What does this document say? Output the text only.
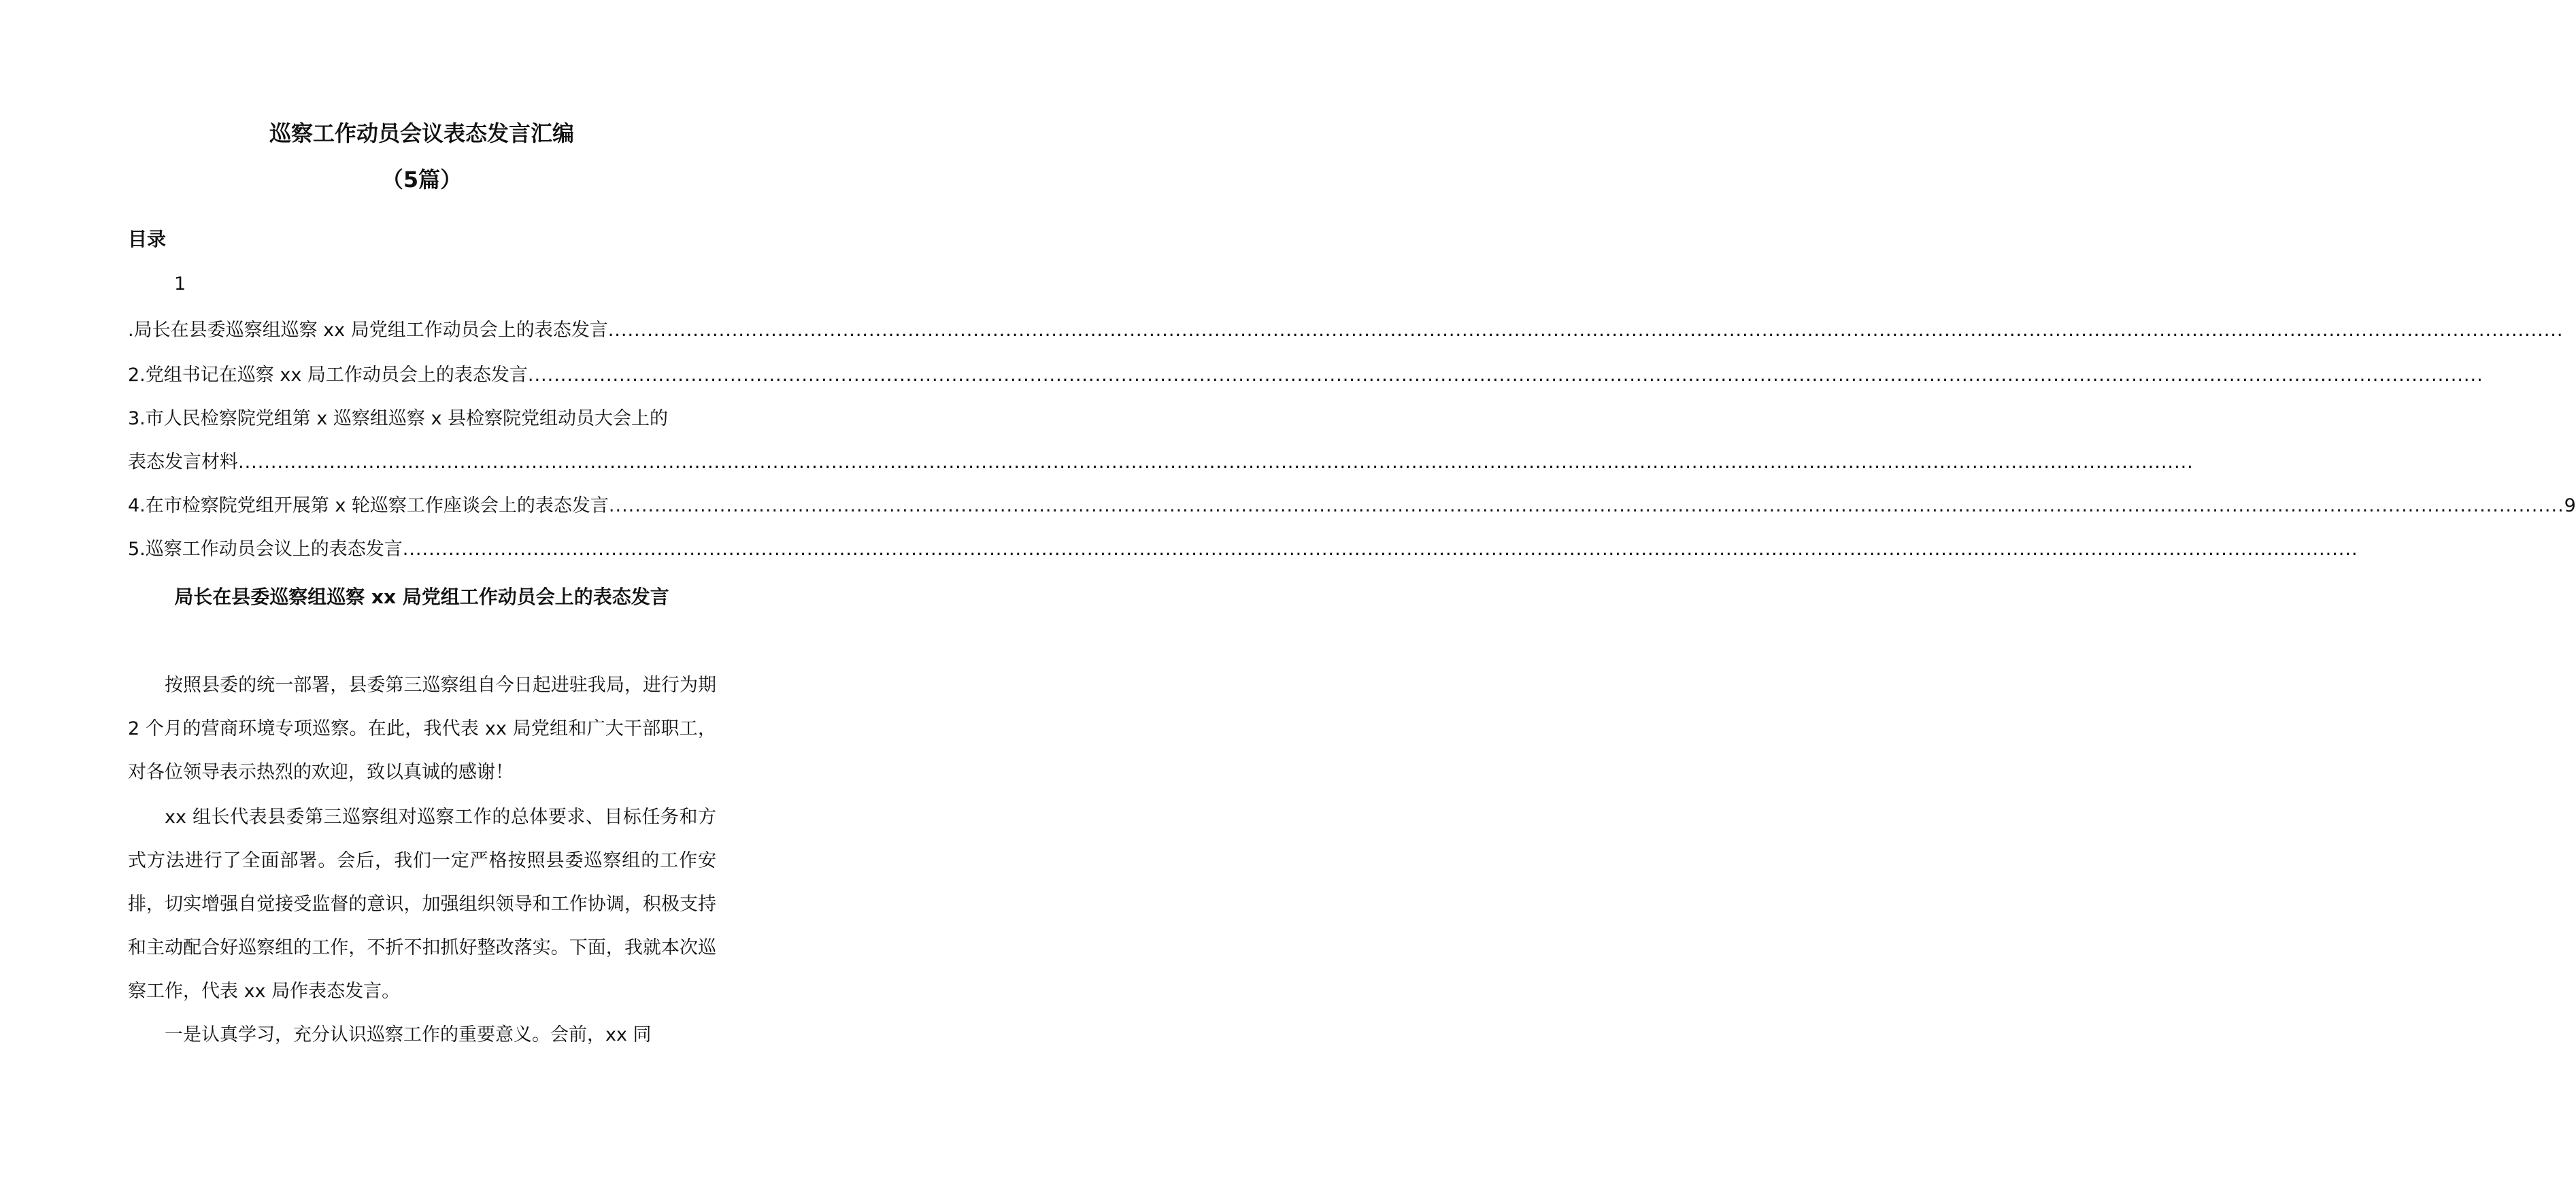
巡察工作动员会议表态发言汇编
（5篇）
目录
1
.局长在县委巡察组巡察 xx 局党组工作动员会上的表态发言 ............................................................................................................................................................................................................................................................................................................
2.党组书记在巡察 xx 局工作动员会上的表态发言 ............................................................................................................................................................................................................................................................................................................
3.市人民检察院党组第 x 巡察组巡察 x 县检察院党组动员大会上的
表态发言材料 ............................................................................................................................................................................................................................................................................................................
4.在市检察院党组开展第 x 轮巡察工作座谈会上的表态发言 ............................................................................................................................................................................................................................................................................................................ 9
5.巡察工作动员会议上的表态发言 ............................................................................................................................................................................................................................................................................................................
局长在县委巡察组巡察 xx 局党组工作动员会上的表态发言

按照县委的统一部署，县委第三巡察组自今日起进驻我局，进行为期 2 个月的营商环境专项巡察。在此，我代表 xx 局党组和广大干部职工，对各位领导表示热烈的欢迎，致以真诚的感谢！

xx 组长代表县委第三巡察组对巡察工作的总体要求、目标任务和方式方法进行了全面部署。会后，我们一定严格按照县委巡察组的工作安排，切实增强自觉接受监督的意识，加强组织领导和工作协调，积极支持和主动配合好巡察组的工作，不折不扣抓好整改落实。下面，我就本次巡察工作，代表 xx 局作表态发言。

一是认真学习，充分认识巡察工作的重要意义。会前，xx 同
